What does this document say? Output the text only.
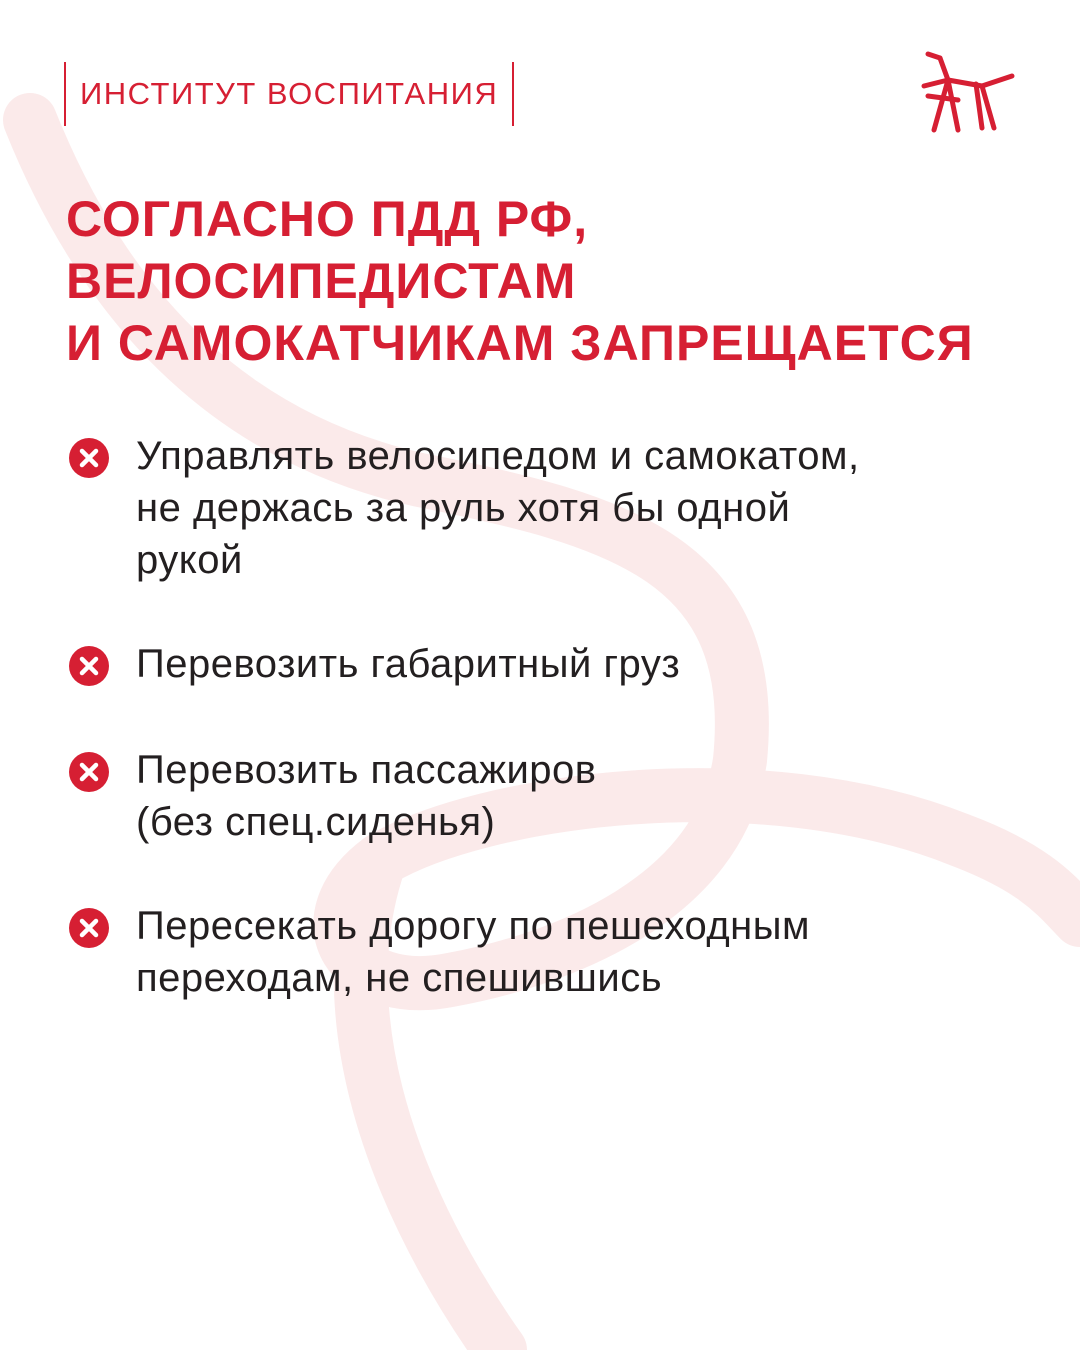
ИНСТИТУТ ВОСПИТАНИЯ
СОГЛАСНО ПДД РФ,
ВЕЛОСИПЕДИСТАМ
И САМОКАТЧИКАМ ЗАПРЕЩАЕТСЯ
Управлять велосипедом и самокатом,
не держась за руль хотя бы одной
рукой
Перевозить габаритный груз
Перевозить пассажиров
(без спец.сиденья)
Пересекать дорогу по пешеходным
переходам, не спешившись
